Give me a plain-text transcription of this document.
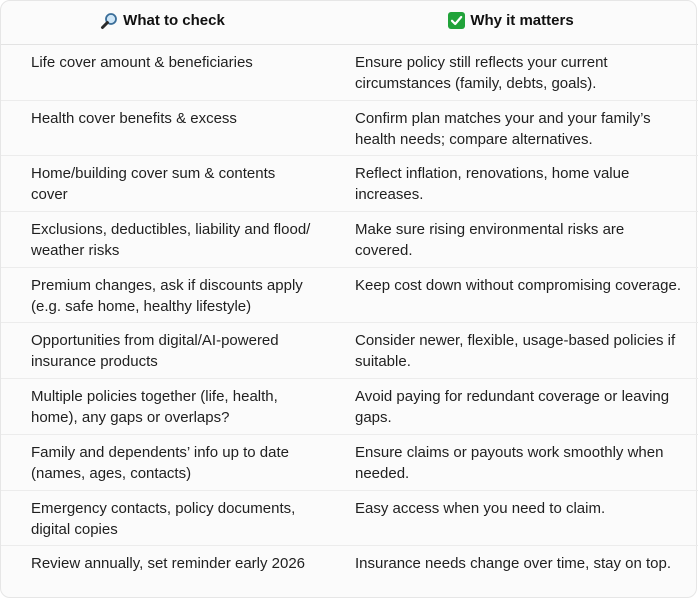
What to check	Why it matters

Life cover amount & beneficiaries	Ensure policy still reflects your current circumstances (family, debts, goals).
Health cover benefits & excess	Confirm plan matches your and your family’s health needs; compare alternatives.
Home/building cover sum & contents cover	Reflect inflation, renovations, home value increases.
Exclusions, deductibles, liability and flood/ weather risks	Make sure rising environmental risks are covered.
Premium changes, ask if discounts apply (e.g. safe home, healthy lifestyle)	Keep cost down without compromising coverage.
Opportunities from digital/AI-powered insurance products	Consider newer, flexible, usage-based policies if suitable.
Multiple policies together (life, health, home), any gaps or overlaps?	Avoid paying for redundant coverage or leaving gaps.
Family and dependents’ info up to date (names, ages, contacts)	Ensure claims or payouts work smoothly when needed.
Emergency contacts, policy documents, digital copies	Easy access when you need to claim.
Review annually, set reminder early 2026	Insurance needs change over time, stay on top.
